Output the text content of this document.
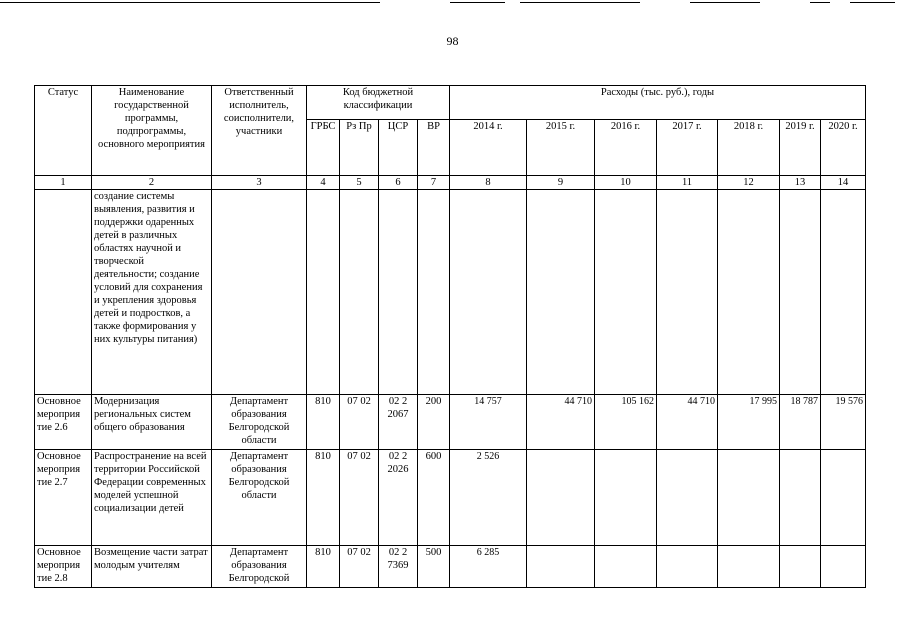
98
Статус	Наименование государственной программы, подпрограммы, основного мероприятия	Ответственный исполнитель, соисполнители, участники	Код бюджетной классификации				Расходы (тыс. руб.), годы						
			ГРБС	Рз Пр	ЦСР	ВР	2014 г.	2015 г.	2016 г.	2017 г.	2018 г.	2019 г.	2020 г.
1	2	3	4	5	6	7	8	9	10	11	12	13	14
	создание системы выявления, развития и поддержки одаренных детей в различных областях научной и творческой деятельности; создание условий для сохранения и укрепления здоровья детей и подростков, а также формирования у них культуры питания)												
Основное мероприя тие 2.6	Модернизация региональных систем общего образования	Департамент образования Белгородской области	810	07 02	02 2 2067	200	14 757	44 710	105 162	44 710	17 995	18 787	19 576
Основное мероприя тие 2.7	Распространение на всей территории Российской Федерации современных моделей успешной социализации детей	Департамент образования Белгородской области	810	07 02	02 2 2026	600	2 526						
Основное мероприя тие 2.8	Возмещение части затрат молодым учителям	Департамент образования Белгородской	810	07 02	02 2 7369	500	6 285						
